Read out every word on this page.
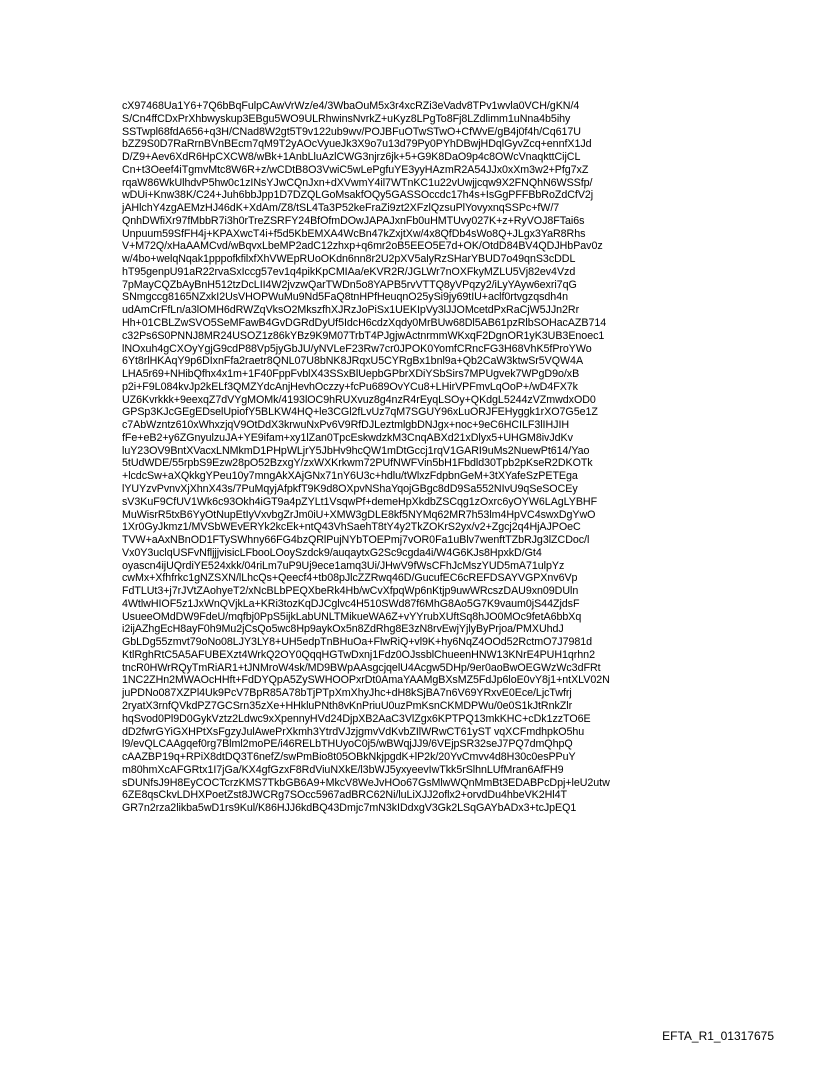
cX97468Ua1Y6+7Q6bBqFulpCAwVrWz/e4/3WbaOuM5x3r4xcRZi3eVadv8TPv1wvla0VCH/gKN/4
S/Cn4ffCDxPrXhbwyskup3EBgu5WO9ULRhwinsNvrkZ+uKyz8LPgTo8Fj8LZdlimm1uNna4b5ihy
SSTwpl68fdA656+q3H/CNad8W2gt5T9v122ub9wv/POJBFuOTwSTwO+CfWvE/gB4j0f4h/Cq617U
bZZ9S0D7RaRrnBVnBEcm7qM9T2yAOcVyueJk3X9o7u13d79Py0PYhDBwjHDqlGyvZcq+ennfX1Jd
D/Z9+Aev6XdR6HpCXCW8/wBk+1AnbLluAzlCWG3njrz6jk+5+G9K8DaO9p4c8OWcVnaqkttCijCL
Cn+t3Oeef4iTgmvMtc8W6R+z/wCDtB8O3VwiC5wLePgfuYE3yyHAzmR2A54JJx0xXm3w2+Pfg7xZ
rqaW86WkUlhdvP5hw0c1zINsYJwCQnJxn+dXVwmY4il7WTnKC1u22vUwjjcqw9X2FNQhN6WSSfp/
wDUi+Knw38K/C24+Juh6bbJpp1D7DZQLGoMsakfOQy5GASSOccdc17h4s+IsGgPFFBbRoZdCfV2j
jAHlchY4zgAEMzHJ46dK+XdAm/Z8/tSL4Ta3P52keFraZi9zt2XFzlQzsuPlYovyxnqSSPc+fW/7
QnhDWfiXr97fMbbR7i3h0rTreZSRFY24BfOfmDOwJAPAJxnFb0uHMTUvy027K+z+RyVOJ8FTai6s
Unpuum59SfFH4j+KPAXwcT4i+f5d5KbEMXA4WcBn47kZxjtXw/4x8QfDb4sWo8Q+JLgx3YaR8Rhs
V+M72Q/xHaAAMCvd/wBqvxLbeMP2adC12zhxp+q6mr2oB5EEO5E7d+OK/OtdD84BV4QDJHbPav0z
w/4bo+welqNqak1pppofkfilxfXhVWEpRUoOKdn6nn8r2U2pXV5alyRzSHarYBUD7o49qnS3cDDL
hT95genpU91aR22rvaSxIccg57ev1q4pikKpCMIAa/eKVR2R/JGLWr7nOXFkyMZLU5Vj82ev4Vzd
7pMayCQZbAyBnH512tzDcLII4W2jvzwQarTWDn5o8YAPB5rvVTTQ8yVPqzy2/iLyYAyw6exri7qG
SNmgccg8165NZxkI2UsVHOPWuMu9Nd5FaQ8tnHPfHeuqnO25ySi9jy69tIU+aclf0rtvgzqsdh4n
udAmCrFfLn/a3lOMH6dRWZqVksO2MkszfhXJRzJoPiSx1UEKIpVy3lJJOMcetdPxRaCjW5JJn2Rr
Hh+01CBLZwSVO5SeMFawB4GvDGRdDyUf5IdcH6cdzXqdy0MrBUw68Dl5AB61pzRlbSOHacAZB714
c32Ps6S0PNNJ8MR24USOZ1z86kYBz9K9M07TrbT4PJgjwActnrmmWKxqF2DgnOR1yK3UB3Enoec1
lNOxuh4gCXOyYgjG9cdP88Vp5jyGbJU/yNVLeF23Rw7cr0JPOK0YomfCRncFG3H68VhK5fProYWo
6Yt8rlHKAqY9p6DIxnFfa2raetr8QNL07U8bNK8JRqxU5CYRgBx1bnl9a+Qb2CaW3ktwSr5VQW4A
LHA5r69+NHibQfhx4x1m+1F40FppFvblX43SSxBlUepbGPbrXDiYSbSirs7MPUgvek7WPgD9o/xB
p2i+F9L084kvJp2kELf3QMZYdcAnjHevhOczzy+fcPu689OvYCu8+LHirVPFmvLqOoP+/wD4FX7k
UZ6Kvrkkk+9eexqZ7dVYgMOMk/4193lOC9hRUXvuz8g4nzR4rEyqLSOy+QKdgL5244zVZmwdxOD0
GPSp3KJcGEgEDselUpiofY5BLKW4HQ+le3CGl2fLvUz7qM7SGUY96xLuORJFEHyggk1rXO7G5e1Z
c7AbWzntz610xWhxzjqV9OtDdX3krwuNxPv6V9RfDJLeztmlgbDNJgx+noc+9eC6HCILF3lIHJIH
fFe+eB2+y6ZGnyulzuJA+YE9ifam+xy1lZan0TpcEskwdzkM3CnqABXd21xDlyx5+UHGM8ivJdKv
luY23OV9BntXVacxLNMkmD1PHpWLjrY5JbHv9hcQW1mDtGccj1rqV1GARI9uMs2NuewPt614/Yao
5tUdWDE/55rpbS9Ezw28pO52BzxgY/zxWXKrkwm72PUfNWFVin5bH1Fbdld30Tpb2pKseR2DKOTk
+lcdcSw+aXQkkgYPeu10y7mngAkXAjGNx71nY6U3c+hdlu/tWlxzFdpbnGeM+3tXYafeSzPETEga
lYUYzvPvnvXjXhnX43s/7PuMqyjAfpkfT9K9d8OXpvNShaYqojGBgc8dD9Sa552NIvU9qSeSOCEy
sV3KuF9CfUV1Wk6c93Okh4iGT9a4pZYLt1VsqwPf+demeHpXkdbZSCqg1zOxrc6yOYW6LAgLYBHF
MuWisrR5txB6YyOtNupEtIyVxvbgZrJm0iU+XMW3gDLE8kf5NYMq62MR7h53lm4HpVC4swxDgYwO
1Xr0GyJkmz1/MVSbWEvERYk2kcEk+ntQ43VhSaehT8tY4y2TkZOKrS2yx/v2+Zgcj2q4HjAJPOeC
TVW+aAxNBnOD1FTySWhny66FG4bzQRlPujNYbTOEPmj7vOR0Fa1uBlv7wenftTZbRJg3lZCDoc/l
Vx0Y3uclqUSFvNfljjjvisicLFbooLOoySzdck9/auqaytxG2Sc9cgda4i/W4G6KJs8HpxkD/Gt4
oyascn4ijUQrdiYE524xkk/04riLm7uP9Uj9ece1amq3Ui/JHwV9fWsCFhJcMszYUD5mA71ulpYz
cwMx+Xfhfrkc1gNZSXN/lLhcQs+Qeecf4+tb08pJlcZZRwq46D/GucufEC6cREFDSAYVGPXnv6Vp
FdTLUt3+j7rJVtZAohyeT2/xNcBLbPEQXbeRk4Hb/wCvXfpqWp6nKtjp9uwWRcszDAU9xn09DUln
4WtlwHIOF5z1JxWnQVjkLa+KRi3tozKqDJCglvc4H510SWd87f6MhG8Ao5G7K9vaum0jS44ZjdsF
UsueeOMdDW9FdeU/mqfbj0PpS5ijkLabUNLTMikueWA6Z+vYYrubXUftSq8hJO0MOc9fetA6bbXq
i2ijAZhgEcH8ayF0h9Mu2jCsQo5wc8Hp9aykOx5n8ZdRhg8E3zN8rvEwjYjlyByPrjoa/PMXUhdJ
GbLDg55zmvt79oNo08LJY3LY8+UH5edpTnBHuOa+FlwRiQ+vl9K+hy6NqZ4OOd52RctmO7J7981d
KtlRghRtC5A5AFUBEXzt4WrkQ2OY0QqqHGTwDxnj1Fdz0OJssblChueenHNW13KNrE4PUH1qrhn2
tncR0HWrRQyTmRiAR1+tJNMroW4sk/MD9BWpAAsgcjqelU4Acgw5DHp/9er0aoBwOEGWzWc3dFRt
1NC2ZHn2MWAOcHHft+FdDYQpA5ZySWHOOPxrDt0AmaYAAMgBXsMZ5FdJp6loE0vY8j1+ntXLV02N
juPDNo087XZPl4Uk9PcV7BpR85A78bTjPTpXmXhyJhc+dH8kSjBA7n6V69YRxvE0Ece/LjcTwfrj
2ryatX3rnfQVkdPZ7GCSrn35zXe+HHkluPNth8vKnPriuU0uzPmKsnCKMDPWu/0e0S1kJtRnkZlr
hqSvod0Pl9D0GykVztz2Ldwc9xXpennyHVd24DjpXB2AaC3VlZgx6KPTPQ13mkKHC+cDk1zzTO6E
dD2fwrGYiGXHPtXsFgzyJulAwePrXkmh3YtrdVJzjgmvVdKvbZIlWRwCT61yST vqXCFmdhpkO5hu
l9/evQLCAAgqef0rg7Blml2moPE/i46RELbTHUyoC0j5/wBWqjJJ9/6VEjpSR32seJ7PQ7dmQhpQ
cAAZBP19q+RPiX8dtDQ3T6nefZ/swPmBio8t05OBkNkjpgdK+lP2k/20YvCmvv4d8H30c0esPPuY
m80hmXcAFGRtx1I7jGa/KX4gfGzxF8RdViuNXkE/l3bWJ5yxyeevIwTkk5rSlhnLUfMran6AfFH9
sDUNfsJ9H8EyCOCTcrzKMS7TkbGB6A9+MkcV8WeJvHOo67GsMlwWQnMmBt3EDABPcDpj+leU2utw
6ZE8qsCkvLDHXPoetZst8JWCRg7SOcc5967adBRC62Ni/luLiXJJ2oflx2+orvdDu4hbeVK2Hl4T
GR7n2rza2likba5wD1rs9Kul/K86HJJ6kdBQ43Dmjc7mN3kIDdxgV3Gk2LSqGAYbADx3+tcJpEQ1
EFTA_R1_01317675
